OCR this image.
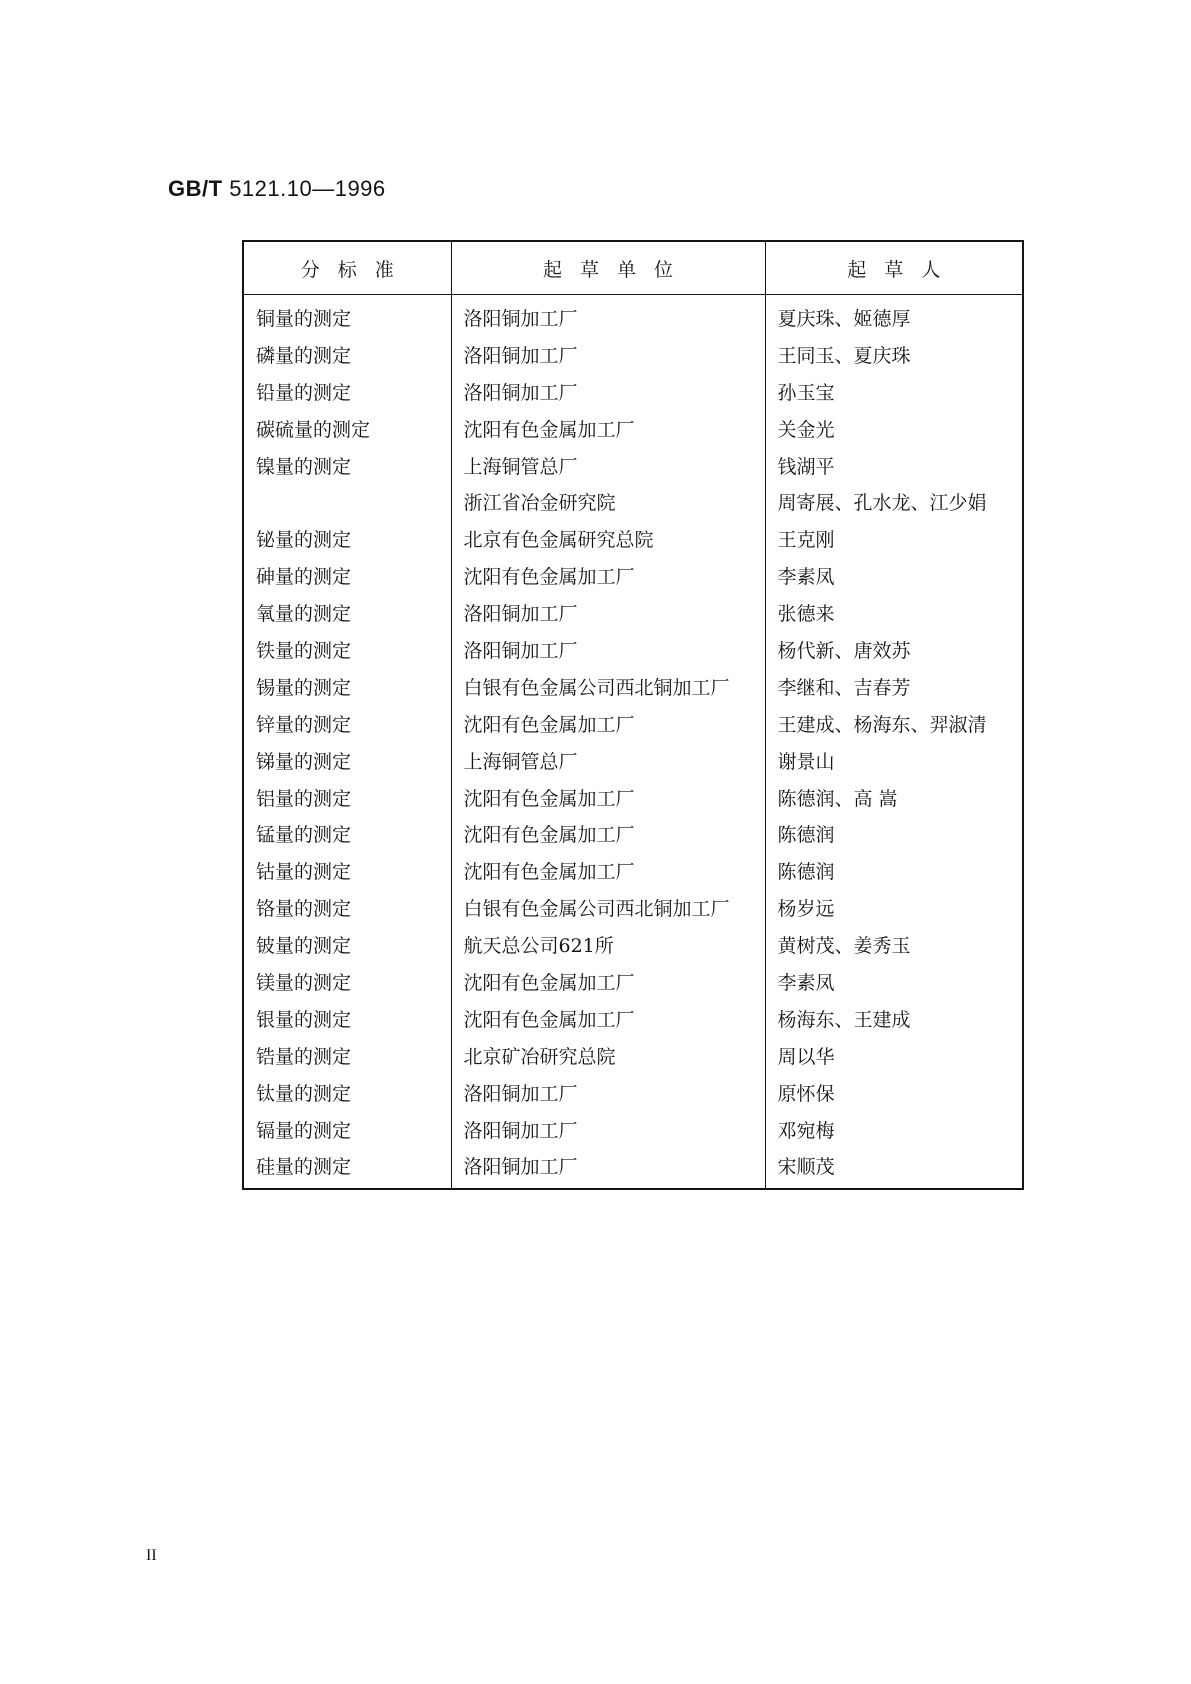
GB/T 5121.10—1996
分标准	起草单位	起草人
铜量的测定	洛阳铜加工厂	夏庆珠、姬德厚
磷量的测定	洛阳铜加工厂	王同玉、夏庆珠
铅量的测定	洛阳铜加工厂	孙玉宝
碳硫量的测定	沈阳有色金属加工厂	关金光
镍量的测定	上海铜管总厂	钱湖平
	浙江省冶金研究院	周寄展、孔水龙、江少娟
铋量的测定	北京有色金属研究总院	王克刚
砷量的测定	沈阳有色金属加工厂	李素凤
氧量的测定	洛阳铜加工厂	张德来
铁量的测定	洛阳铜加工厂	杨代新、唐效苏
锡量的测定	白银有色金属公司西北铜加工厂	李继和、吉春芳
锌量的测定	沈阳有色金属加工厂	王建成、杨海东、羿淑清
锑量的测定	上海铜管总厂	谢景山
铝量的测定	沈阳有色金属加工厂	陈德润、高 嵩
锰量的测定	沈阳有色金属加工厂	陈德润
钴量的测定	沈阳有色金属加工厂	陈德润
铬量的测定	白银有色金属公司西北铜加工厂	杨岁远
铍量的测定	航天总公司621所	黄树茂、姜秀玉
镁量的测定	沈阳有色金属加工厂	李素凤
银量的测定	沈阳有色金属加工厂	杨海东、王建成
锆量的测定	北京矿冶研究总院	周以华
钛量的测定	洛阳铜加工厂	原怀保
镉量的测定	洛阳铜加工厂	邓宛梅
硅量的测定	洛阳铜加工厂	宋顺茂
II
